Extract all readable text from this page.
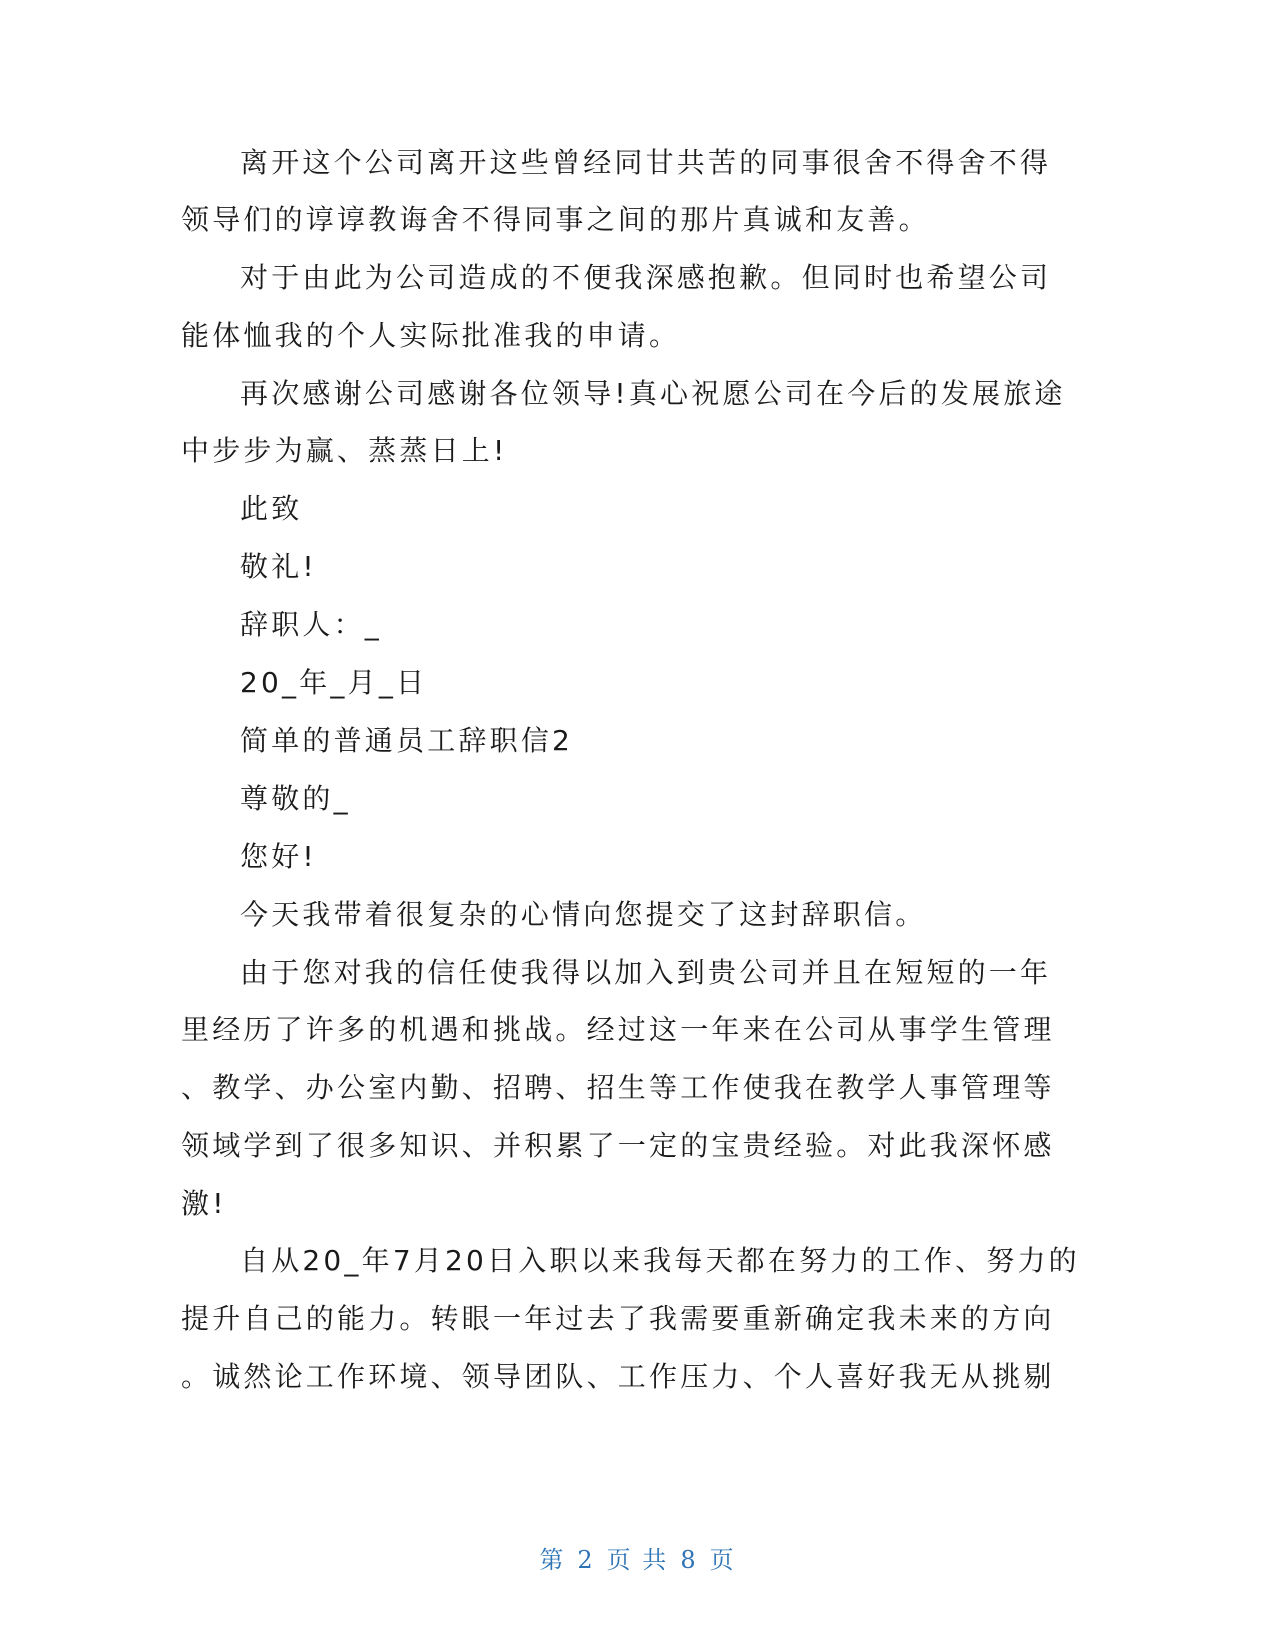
离开这个公司离开这些曾经同甘共苦的同事很舍不得舍不得
领导们的谆谆教诲舍不得同事之间的那片真诚和友善。
对于由此为公司造成的不便我深感抱歉。但同时也希望公司
能体恤我的个人实际批准我的申请。
再次感谢公司感谢各位领导!真心祝愿公司在今后的发展旅途
中步步为赢、蒸蒸日上!
此致
敬礼!
辞职人：_
20_年_月_日
简单的普通员工辞职信2
尊敬的_
您好!
今天我带着很复杂的心情向您提交了这封辞职信。
由于您对我的信任使我得以加入到贵公司并且在短短的一年
里经历了许多的机遇和挑战。经过这一年来在公司从事学生管理
、教学、办公室内勤、招聘、招生等工作使我在教学人事管理等
领域学到了很多知识、并积累了一定的宝贵经验。对此我深怀感
激!
自从20_年7月20日入职以来我每天都在努力的工作、努力的
提升自己的能力。转眼一年过去了我需要重新确定我未来的方向
。诚然论工作环境、领导团队、工作压力、个人喜好我无从挑剔
第 2 页 共 8 页
